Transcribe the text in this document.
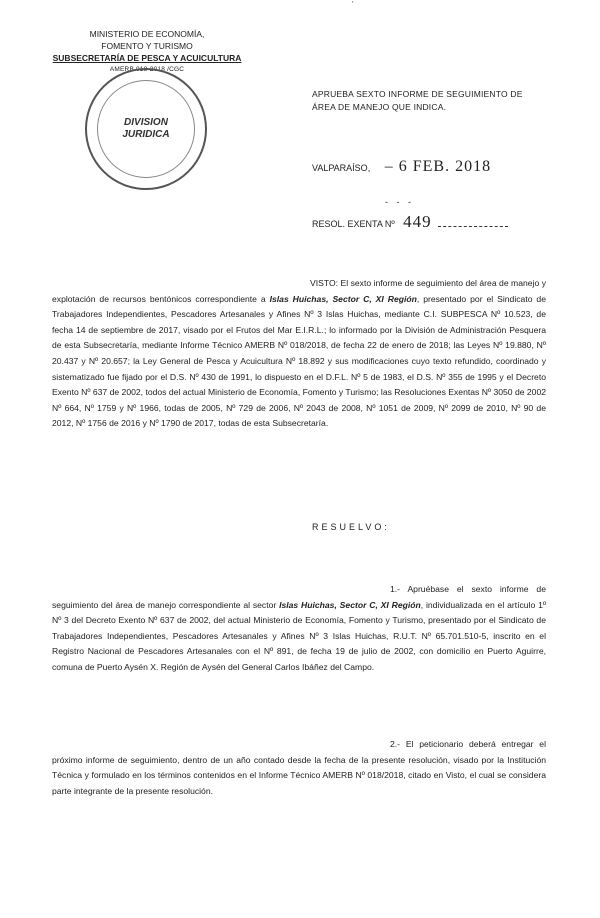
'
MINISTERIO DE ECONOMÍA,
FOMENTO Y TURISMO
SUBSECRETARÍA DE PESCA Y ACUICULTURA
AMERB 018-2018 /CGC
DIVISION
JURIDICA
APRUEBA SEXTO INFORME DE SEGUIMIENTO DE
ÁREA DE MANEJO QUE INDICA.
VALPARAÍSO, – 6 FEB. 2018
- - -
RESOL. EXENTA Nº 449
VISTO: El sexto informe de seguimiento del área de manejo y explotación de recursos bentónicos correspondiente a Islas Huichas, Sector C, XI Región, presentado por el Sindicato de Trabajadores Independientes, Pescadores Artesanales y Afines Nº 3 Islas Huichas, mediante C.I. SUBPESCA Nº 10.523, de fecha 14 de septiembre de 2017, visado por el Frutos del Mar E.I.R.L.; lo informado por la División de Administración Pesquera de esta Subsecretaría, mediante Informe Técnico AMERB Nº 018/2018, de fecha 22 de enero de 2018; las Leyes Nº 19.880, Nº 20.437 y Nº 20.657; la Ley General de Pesca y Acuicultura Nº 18.892 y sus modificaciones cuyo texto refundido, coordinado y sistematizado fue fijado por el D.S. Nº 430 de 1991, lo dispuesto en el D.F.L. Nº 5 de 1983, el D.S. Nº 355 de 1995 y el Decreto Exento Nº 637 de 2002, todos del actual Ministerio de Economía, Fomento y Turismo; las Resoluciones Exentas Nº 3050 de 2002 Nº 664, Nº 1759 y Nº 1966, todas de 2005, Nº 729 de 2006, Nº 2043 de 2008, Nº 1051 de 2009, Nº 2099 de 2010, Nº 90 de 2012, Nº 1756 de 2016 y Nº 1790 de 2017, todas de esta Subsecretaría.
RESUELVO:
1.- Apruébase el sexto informe de seguimiento del área de manejo correspondiente al sector Islas Huichas, Sector C, XI Región, individualizada en el artículo 1º Nº 3 del Decreto Exento Nº 637 de 2002, del actual Ministerio de Economía, Fomento y Turismo, presentado por el Sindicato de Trabajadores Independientes, Pescadores Artesanales y Afines Nº 3 Islas Huichas, R.U.T. Nº 65.701.510-5, inscrito en el Registro Nacional de Pescadores Artesanales con el Nº 891, de fecha 19 de julio de 2002, con domicilio en Puerto Aguirre, comuna de Puerto Aysén X. Región de Aysén del General Carlos Ibáñez del Campo.
2.- El peticionario deberá entregar el próximo informe de seguimiento, dentro de un año contado desde la fecha de la presente resolución, visado por la Institución Técnica y formulado en los términos contenidos en el Informe Técnico AMERB Nº 018/2018, citado en Visto, el cual se considera parte integrante de la presente resolución.
